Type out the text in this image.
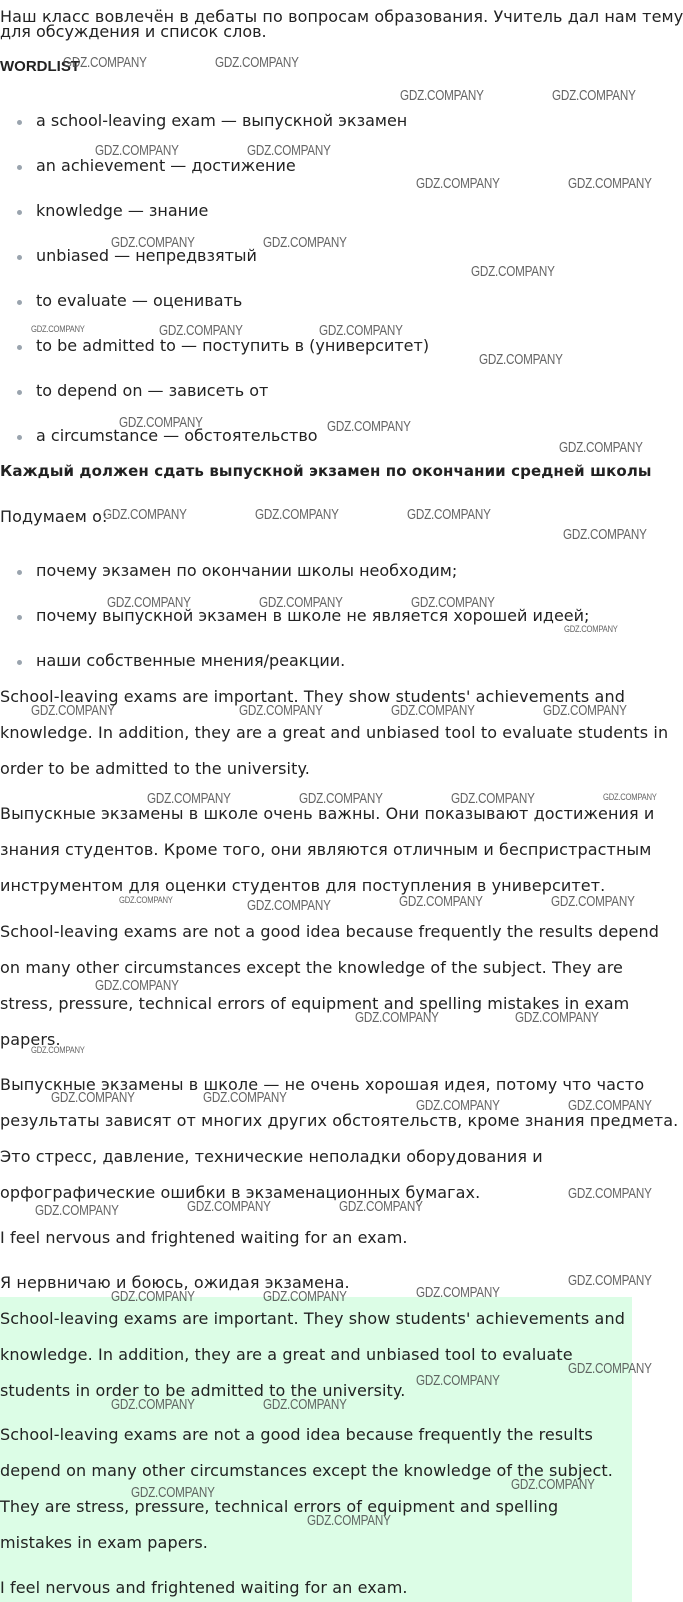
Наш класс вовлечён в дебаты по вопросам образования. Учитель дал нам тему
для обсуждения и список слов.
WORDLIST
a school-leaving exam — выпускной экзамен
an achievement — достижение
knowledge — знание
unbiased — непредвзятый
to evaluate — оценивать
to be admitted to — поступить в (университет)
to depend on — зависеть от
a circumstance — обстоятельство
Каждый должен сдать выпускной экзамен по окончании средней школы
Подумаем о:
почему экзамен по окончании школы необходим;
почему выпускной экзамен в школе не является хорошей идеей;
наши собственные мнения/реакции.
School-leaving exams are important. They show students' achievements and
knowledge. In addition, they are a great and unbiased tool to evaluate students in
order to be admitted to the university.
Выпускные экзамены в школе очень важны. Они показывают достижения и
знания студентов. Кроме того, они являются отличным и беспристрастным
инструментом для оценки студентов для поступления в университет.
School-leaving exams are not a good idea because frequently the results depend
on many other circumstances except the knowledge of the subject. They are
stress, pressure, technical errors of equipment and spelling mistakes in exam
papers.
Выпускные экзамены в школе — не очень хорошая идея, потому что часто
результаты зависят от многих других обстоятельств, кроме знания предмета.
Это стресс, давление, технические неполадки оборудования и
орфографические ошибки в экзаменационных бумагах.
I feel nervous and frightened waiting for an exam.
Я нервничаю и боюсь, ожидая экзамена.
School-leaving exams are important. They show students' achievements and
knowledge. In addition, they are a great and unbiased tool to evaluate
students in order to be admitted to the university.
School-leaving exams are not a good idea because frequently the results
depend on many other circumstances except the knowledge of the subject.
They are stress, pressure, technical errors of equipment and spelling
mistakes in exam papers.
I feel nervous and frightened waiting for an exam.
GDZ.COMPANY	GDZ.COMPANY
GDZ.COMPANY	GDZ.COMPANY
GDZ.COMPANY	GDZ.COMPANY
GDZ.COMPANY	GDZ.COMPANY
GDZ.COMPANY	GDZ.COMPANY
GDZ.COMPANY
GDZ.COMPANY	GDZ.COMPANY	GDZ.COMPANY
GDZ.COMPANY
GDZ.COMPANY	GDZ.COMPANY
GDZ.COMPANY
GDZ.COMPANY	GDZ.COMPANY	GDZ.COMPANY
GDZ.COMPANY
GDZ.COMPANY	GDZ.COMPANY	GDZ.COMPANY
GDZ.COMPANY
GDZ.COMPANY	GDZ.COMPANY	GDZ.COMPANY	GDZ.COMPANY
GDZ.COMPANY	GDZ.COMPANY	GDZ.COMPANY	GDZ.COMPANY
GDZ.COMPANY	GDZ.COMPANY	GDZ.COMPANY	GDZ.COMPANY
GDZ.COMPANY
GDZ.COMPANY	GDZ.COMPANY
GDZ.COMPANY
GDZ.COMPANY	GDZ.COMPANY	GDZ.COMPANY	GDZ.COMPANY
GDZ.COMPANY
GDZ.COMPANY	GDZ.COMPANY	GDZ.COMPANY
GDZ.COMPANY
GDZ.COMPANY	GDZ.COMPANY	GDZ.COMPANY
GDZ.COMPANY
GDZ.COMPANY
GDZ.COMPANY	GDZ.COMPANY
GDZ.COMPANY
GDZ.COMPANY
GDZ.COMPANY
